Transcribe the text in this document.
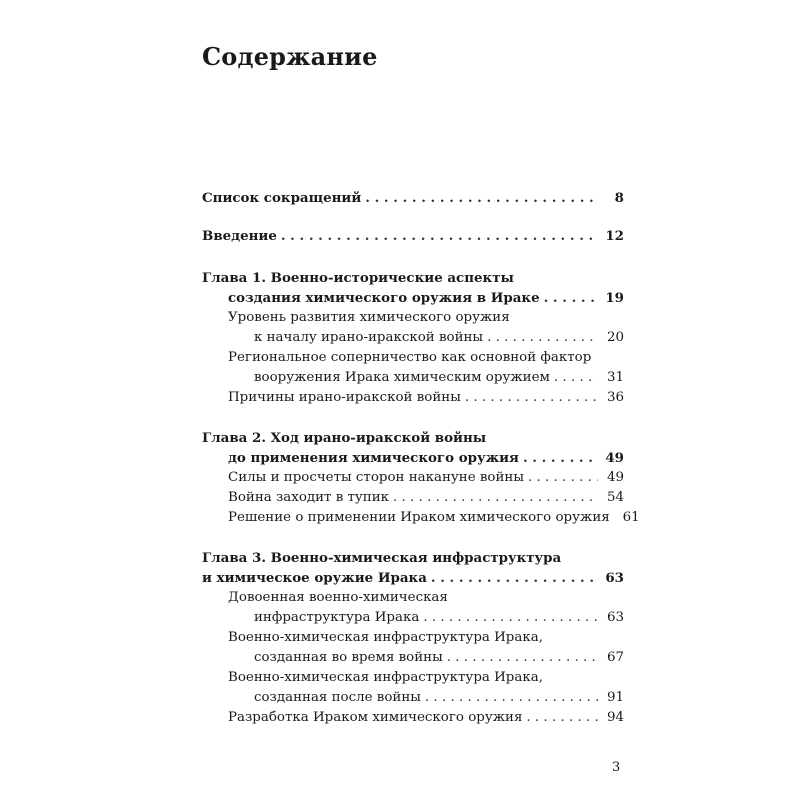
Содержание
Список сокращений . . .	8
Введение . . .	12
Глава 1. Военно-исторические аспекты
создания химического оружия в Ираке . . .	19
Уровень развития химического оружия
к началу ирано-иракской войны . . .	20
Региональное соперничество как основной фактор
вооружения Ирака химическим оружием . . .	31
Причины ирано-иракской войны . . .	36
Глава 2. Ход ирано-иракской войны
до применения химического оружия . . .	49
Силы и просчеты сторон накануне войны . . .	49
Война заходит в тупик . . .	54
Решение о применении Ираком химического оружия 61
Глава 3. Военно-химическая инфраструктура
и химическое оружие Ирака . . .	63
Довоенная военно-химическая
инфраструктура Ирака . . .	63
Военно-химическая инфраструктура Ирака,
созданная во время войны . . .	67
Военно-химическая инфраструктура Ирака,
созданная после войны . . .	91
Разработка Ираком химического оружия . . .	94
3
